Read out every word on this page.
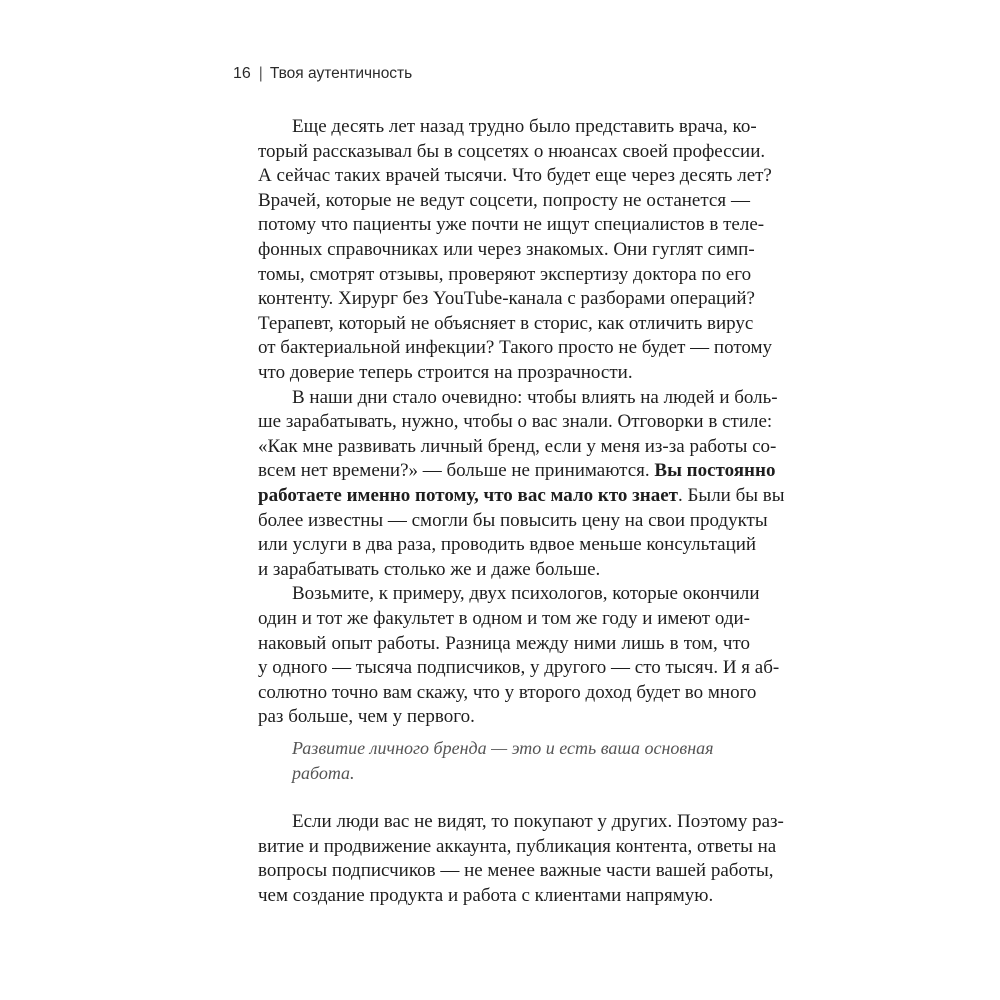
16 | Твоя аутентичность
Еще десять лет назад трудно было представить врача, ко-
торый рассказывал бы в соцсетях о нюансах своей профессии.
А сейчас таких врачей тысячи. Что будет еще через десять лет?
Врачей, которые не ведут соцсети, попросту не останется —
потому что пациенты уже почти не ищут специалистов в теле-
фонных справочниках или через знакомых. Они гуглят симп-
томы, смотрят отзывы, проверяют экспертизу доктора по его
контенту. Хирург без YouTube-канала с разборами операций?
Терапевт, который не объясняет в сторис, как отличить вирус
от бактериальной инфекции? Такого просто не будет — потому
что доверие теперь строится на прозрачности.
В наши дни стало очевидно: чтобы влиять на людей и боль-
ше зарабатывать, нужно, чтобы о вас знали. Отговорки в стиле:
«Как мне развивать личный бренд, если у меня из-за работы со-
всем нет времени?» — больше не принимаются. Вы постоянно
работаете именно потому, что вас мало кто знает. Были бы вы
более известны — смогли бы повысить цену на свои продукты
или услуги в два раза, проводить вдвое меньше консультаций
и зарабатывать столько же и даже больше.
Возьмите, к примеру, двух психологов, которые окончили
один и тот же факультет в одном и том же году и имеют оди-
наковый опыт работы. Разница между ними лишь в том, что
у одного — тысяча подписчиков, у другого — сто тысяч. И я аб-
солютно точно вам скажу, что у второго доход будет во много
раз больше, чем у первого.
Развитие личного бренда — это и есть ваша основная
работа.
Если люди вас не видят, то покупают у других. Поэтому раз-
витие и продвижение аккаунта, публикация контента, ответы на
вопросы подписчиков — не менее важные части вашей работы,
чем создание продукта и работа с клиентами напрямую.
